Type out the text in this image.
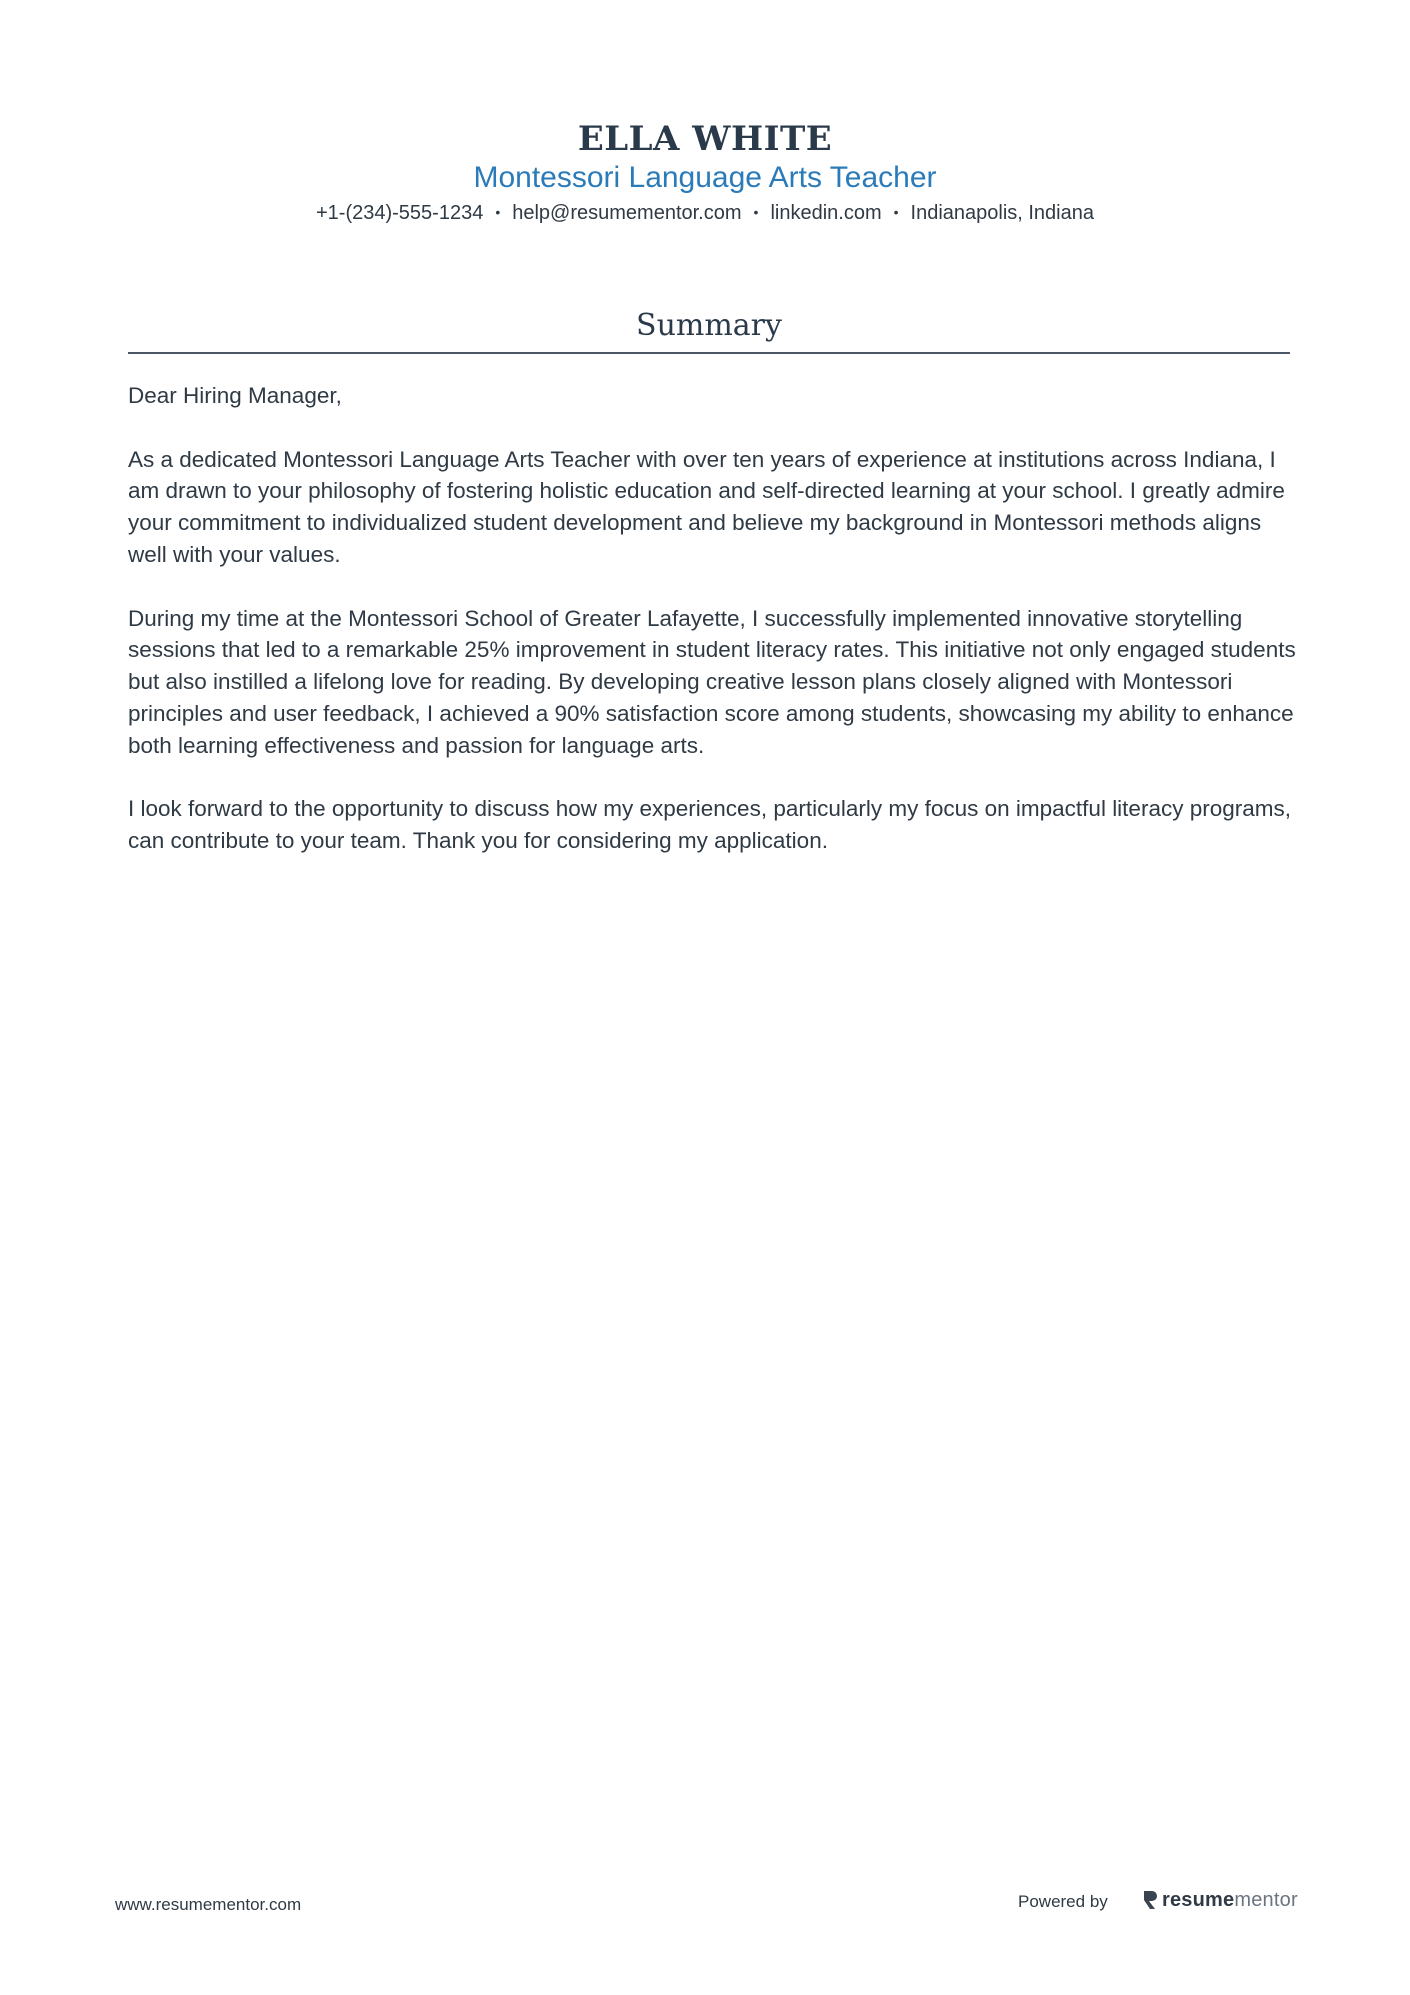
ELLA WHITE
Montessori Language Arts Teacher
+1-(234)-555-1234 • help@resumementor.com • linkedin.com • Indianapolis, Indiana
Summary

Dear Hiring Manager,

As a dedicated Montessori Language Arts Teacher with over ten years of experience at institutions across Indiana, I am drawn to your philosophy of fostering holistic education and self-directed learning at your school. I greatly admire your commitment to individualized student development and believe my background in Montessori methods aligns well with your values.

During my time at the Montessori School of Greater Lafayette, I successfully implemented innovative storytelling sessions that led to a remarkable 25% improvement in student literacy rates. This initiative not only engaged students but also instilled a lifelong love for reading. By developing creative lesson plans closely aligned with Montessori principles and user feedback, I achieved a 90% satisfaction score among students, showcasing my ability to enhance both learning effectiveness and passion for language arts.

I look forward to the opportunity to discuss how my experiences, particularly my focus on impactful literacy programs, can contribute to your team. Thank you for considering my application.

www.resumementor.com	Powered by	resumementor
